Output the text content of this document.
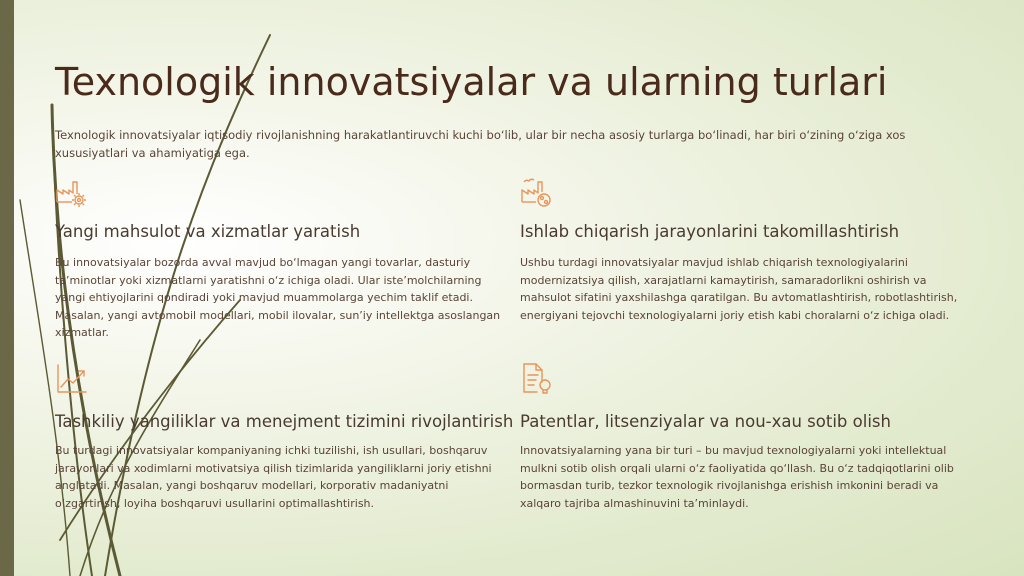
Texnologik innovatsiyalar va ularning turlari
Texnologik innovatsiyalar iqtisodiy rivojlanishning harakatlantiruvchi kuchi bo‘lib, ular bir necha asosiy turlarga bo‘linadi, har biri o‘zining o‘ziga xos xususiyatlari va ahamiyatiga ega.
Yangi mahsulot va xizmatlar yaratish

Bu innovatsiyalar bozorda avval mavjud bo‘lmagan yangi tovarlar, dasturiy ta’minotlar yoki xizmatlarni yaratishni o‘z ichiga oladi. Ular iste’molchilarning yangi ehtiyojlarini qondiradi yoki mavjud muammolarga yechim taklif etadi. Masalan, yangi avtomobil modellari, mobil ilovalar, sun’iy intellektga asoslangan xizmatlar.

Ishlab chiqarish jarayonlarini takomillashtirish

Ushbu turdagi innovatsiyalar mavjud ishlab chiqarish texnologiyalarini modernizatsiya qilish, xarajatlarni kamaytirish, samaradorlikni oshirish va mahsulot sifatini yaxshilashga qaratilgan. Bu avtomatlashtirish, robotlashtirish, energiyani tejovchi texnologiyalarni joriy etish kabi choralarni o‘z ichiga oladi.

Tashkiliy yangiliklar va menejment tizimini rivojlantirish

Bu turdagi innovatsiyalar kompaniyaning ichki tuzilishi, ish usullari, boshqaruv jarayonlari va xodimlarni motivatsiya qilish tizimlarida yangiliklarni joriy etishni anglatadi. Masalan, yangi boshqaruv modellari, korporativ madaniyatni o‘zgartirish, loyiha boshqaruvi usullarini optimallashtirish.

Patentlar, litsenziyalar va nou-xau sotib olish

Innovatsiyalarning yana bir turi – bu mavjud texnologiyalarni yoki intellektual mulkni sotib olish orqali ularni o‘z faoliyatida qo‘llash. Bu o‘z tadqiqotlarini olib bormasdan turib, tezkor texnologik rivojlanishga erishish imkonini beradi va xalqaro tajriba almashinuvini ta’minlaydi.
